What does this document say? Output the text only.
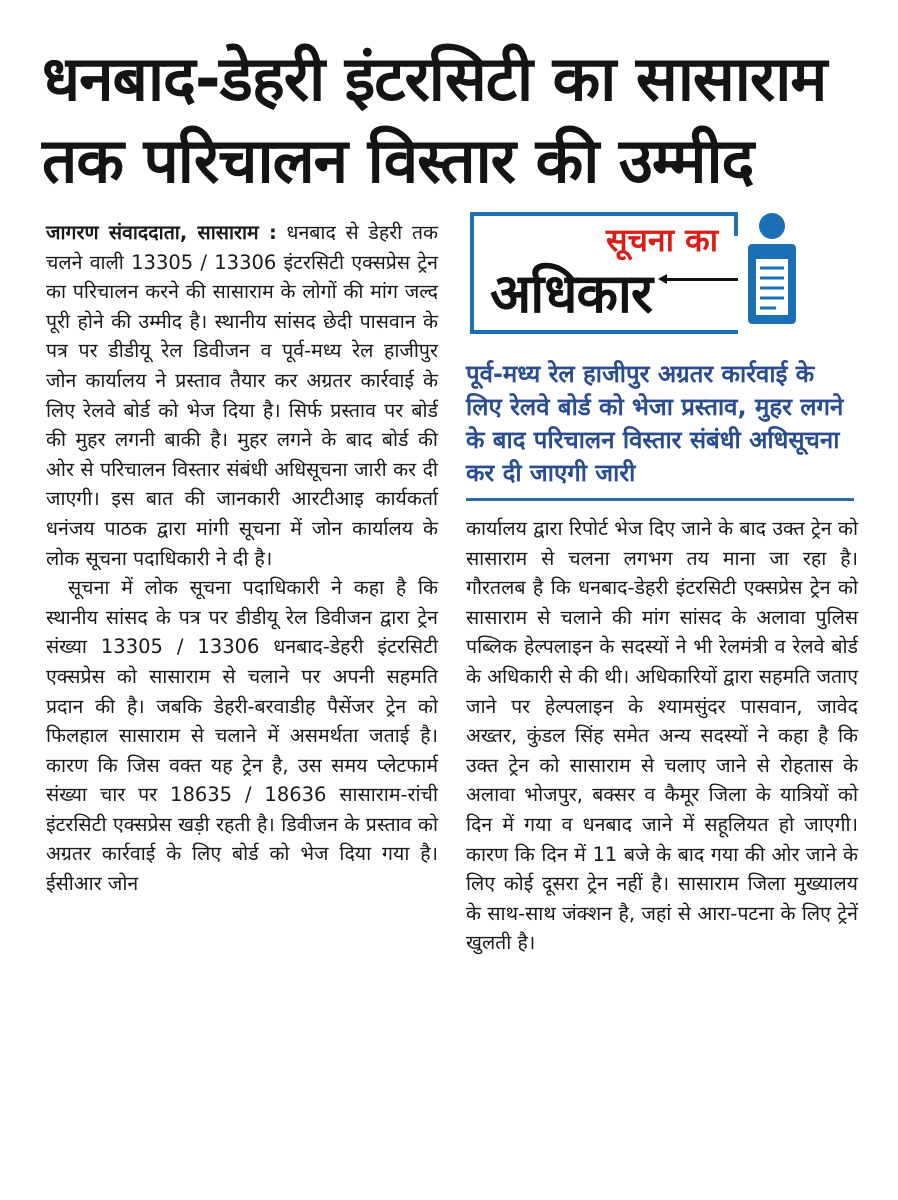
धनबाद-डेहरी इंटरसिटी का सासाराम
तक परिचालन विस्तार की उम्मीद

जागरण संवाददाता, सासाराम : धनबाद से डेहरी तक चलने वाली 13305 / 13306 इंटरसिटी एक्सप्रेस ट्रेन का परिचालन करने की सासाराम के लोगों की मांग जल्द पूरी होने की उम्मीद है। स्थानीय सांसद छेदी पासवान के पत्र पर डीडीयू रेल डिवीजन व पूर्व-मध्य रेल हाजीपुर जोन कार्यालय ने प्रस्ताव तैयार कर अग्रतर कार्रवाई के लिए रेलवे बोर्ड को भेज दिया है। सिर्फ प्रस्ताव पर बोर्ड की मुहर लगनी बाकी है। मुहर लगने के बाद बोर्ड की ओर से परिचालन विस्तार संबंधी अधिसूचना जारी कर दी जाएगी। इस बात की जानकारी आरटीआइ कार्यकर्ता धनंजय पाठक द्वारा मांगी सूचना में जोन कार्यालय के लोक सूचना पदाधिकारी ने दी है।

सूचना में लोक सूचना पदाधिकारी ने कहा है कि स्थानीय सांसद के पत्र पर डीडीयू रेल डिवीजन द्वारा ट्रेन संख्या 13305 / 13306 धनबाद-डेहरी इंटरसिटी एक्सप्रेस को सासाराम से चलाने पर अपनी सहमति प्रदान की है। जबकि डेहरी-बरवाडीह पैसेंजर ट्रेन को फिलहाल सासाराम से चलाने में असमर्थता जताई है। कारण कि जिस वक्त यह ट्रेन है, उस समय प्लेटफार्म संख्या चार पर 18635 / 18636 सासाराम-रांची इंटरसिटी एक्सप्रेस खड़ी रहती है। डिवीजन के प्रस्ताव को अग्रतर कार्रवाई के लिए बोर्ड को भेज दिया गया है। ईसीआर जोन

सूचना का
अधिकार
पूर्व-मध्य रेल हाजीपुर अग्रतर कार्रवाई के लिए रेलवे बोर्ड को भेजा प्रस्ताव, मुहर लगने के बाद परिचालन विस्तार संबंधी अधिसूचना कर दी जाएगी जारी

कार्यालय द्वारा रिपोर्ट भेज दिए जाने के बाद उक्त ट्रेन को सासाराम से चलना लगभग तय माना जा रहा है। गौरतलब है कि धनबाद-डेहरी इंटरसिटी एक्सप्रेस ट्रेन को सासाराम से चलाने की मांग सांसद के अलावा पुलिस पब्लिक हेल्पलाइन के सदस्यों ने भी रेलमंत्री व रेलवे बोर्ड के अधिकारी से की थी। अधिकारियों द्वारा सहमति जताए जाने पर हेल्पलाइन के श्यामसुंदर पासवान, जावेद अख्तर, कुंडल सिंह समेत अन्य सदस्यों ने कहा है कि उक्त ट्रेन को सासाराम से चलाए जाने से रोहतास के अलावा भोजपुर, बक्सर व कैमूर जिला के यात्रियों को दिन में गया व धनबाद जाने में सहूलियत हो जाएगी। कारण कि दिन में 11 बजे के बाद गया की ओर जाने के लिए कोई दूसरा ट्रेन नहीं है। सासाराम जिला मुख्यालय के साथ-साथ जंक्शन है, जहां से आरा-पटना के लिए ट्रेनें खुलती है।
